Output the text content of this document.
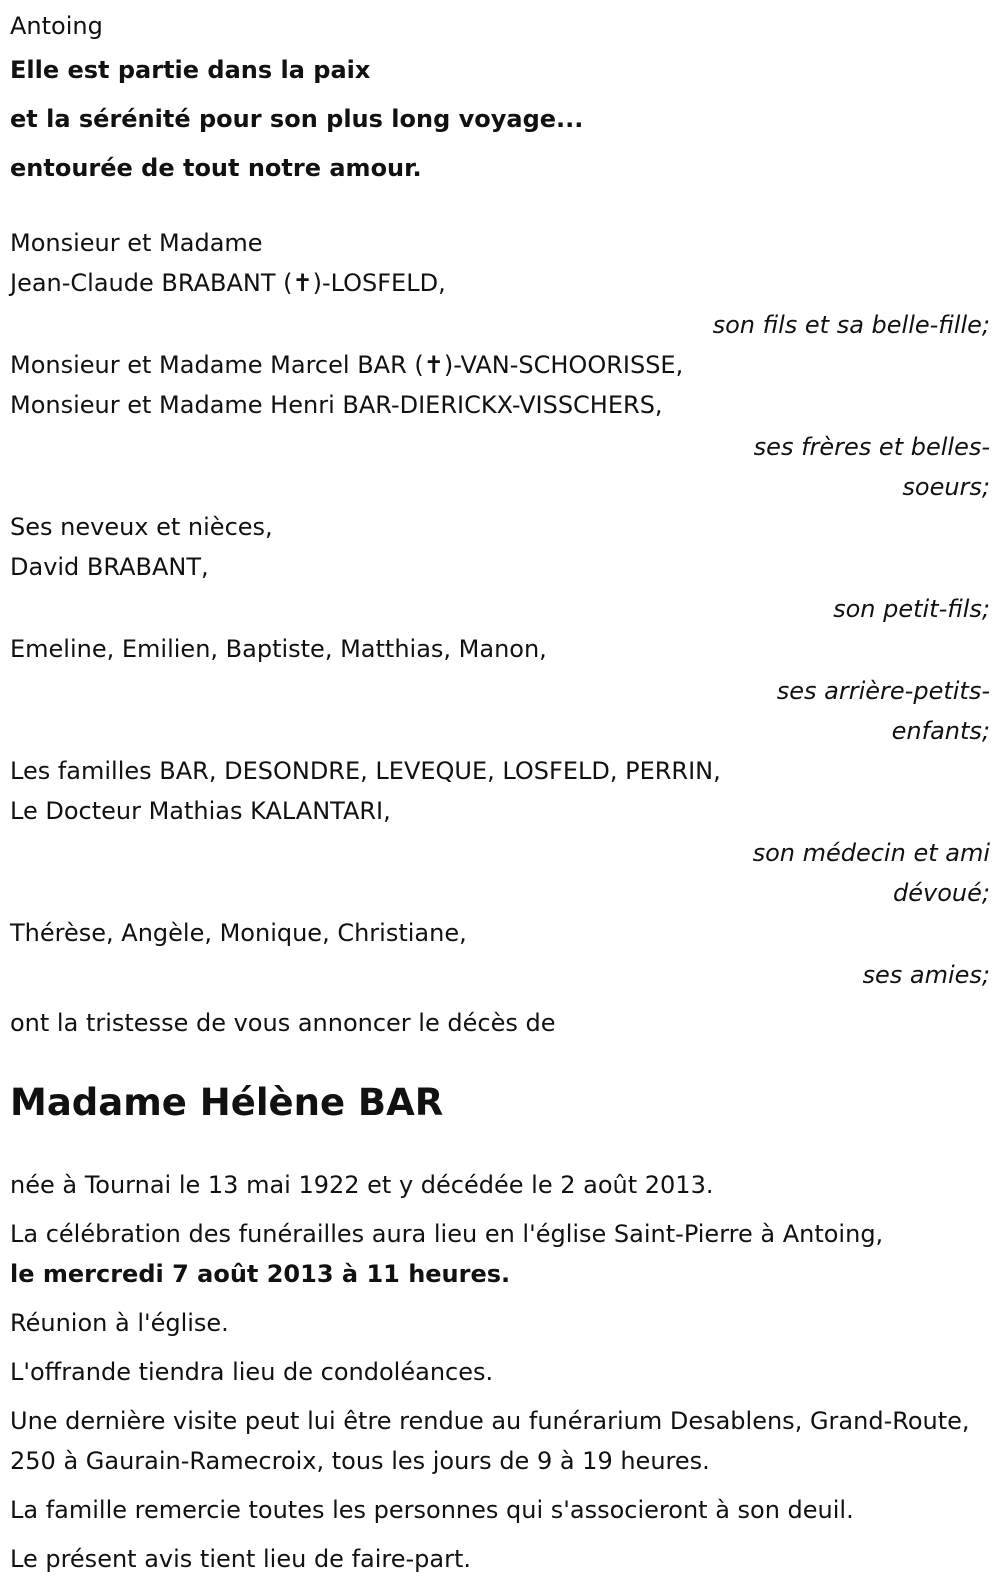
Antoing
Elle est partie dans la paix
et la sérénité pour son plus long voyage...
entourée de tout notre amour.
Monsieur et Madame
Jean-Claude BRABANT (✝)-LOSFELD,
son fils et sa belle-fille;
Monsieur et Madame Marcel BAR (✝)-VAN-SCHOORISSE,
Monsieur et Madame Henri BAR-DIERICKX-VISSCHERS,
ses frères et belles-soeurs;
Ses neveux et nièces,
David BRABANT,
son petit-fils;
Emeline, Emilien, Baptiste, Matthias, Manon,
ses arrière-petits-enfants;
Les familles BAR, DESONDRE, LEVEQUE, LOSFELD, PERRIN,
Le Docteur Mathias KALANTARI,
son médecin et ami dévoué;
Thérèse, Angèle, Monique, Christiane,
ses amies;
ont la tristesse de vous annoncer le décès de
Madame Hélène BAR
née à Tournai le 13 mai 1922 et y décédée le 2 août 2013.
La célébration des funérailles aura lieu en l'église Saint-Pierre à Antoing,
le mercredi 7 août 2013 à 11 heures.
Réunion à l'église.
L'offrande tiendra lieu de condoléances.
Une dernière visite peut lui être rendue au funérarium Desablens, Grand-Route, 250 à Gaurain-Ramecroix, tous les jours de 9 à 19 heures.
La famille remercie toutes les personnes qui s'associeront à son deuil.
Le présent avis tient lieu de faire-part.
